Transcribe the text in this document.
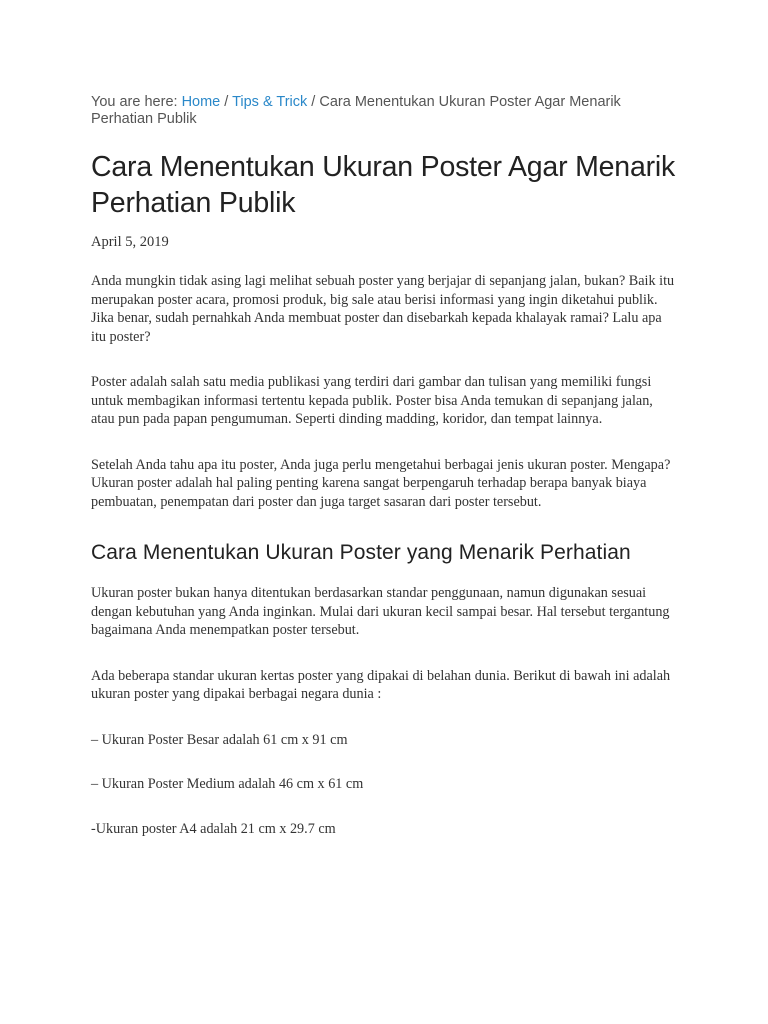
You are here: Home / Tips & Trick / Cara Menentukan Ukuran Poster Agar Menarik Perhatian Publik
Cara Menentukan Ukuran Poster Agar Menarik Perhatian Publik
April 5, 2019

Anda mungkin tidak asing lagi melihat sebuah poster yang berjajar di sepanjang jalan, bukan? Baik itu merupakan poster acara, promosi produk, big sale atau berisi informasi yang ingin diketahui publik. Jika benar, sudah pernahkah Anda membuat poster dan disebarkah kepada khalayak ramai? Lalu apa itu poster?

Poster adalah salah satu media publikasi yang terdiri dari gambar dan tulisan yang memiliki fungsi untuk membagikan informasi tertentu kepada publik. Poster bisa Anda temukan di sepanjang jalan, atau pun pada papan pengumuman. Seperti dinding madding, koridor, dan tempat lainnya.

Setelah Anda tahu apa itu poster, Anda juga perlu mengetahui berbagai jenis ukuran poster. Mengapa? Ukuran poster adalah hal paling penting karena sangat berpengaruh terhadap berapa banyak biaya pembuatan, penempatan dari poster dan juga target sasaran dari poster tersebut.

Cara Menentukan Ukuran Poster yang Menarik Perhatian

Ukuran poster bukan hanya ditentukan berdasarkan standar penggunaan, namun digunakan sesuai dengan kebutuhan yang Anda inginkan. Mulai dari ukuran kecil sampai besar. Hal tersebut tergantung bagaimana Anda menempatkan poster tersebut.

Ada beberapa standar ukuran kertas poster yang dipakai di belahan dunia. Berikut di bawah ini adalah ukuran poster yang dipakai berbagai negara dunia :

– Ukuran Poster Besar adalah 61 cm x 91 cm

– Ukuran Poster Medium adalah 46 cm x 61 cm

-Ukuran poster A4 adalah 21 cm x 29.7 cm
